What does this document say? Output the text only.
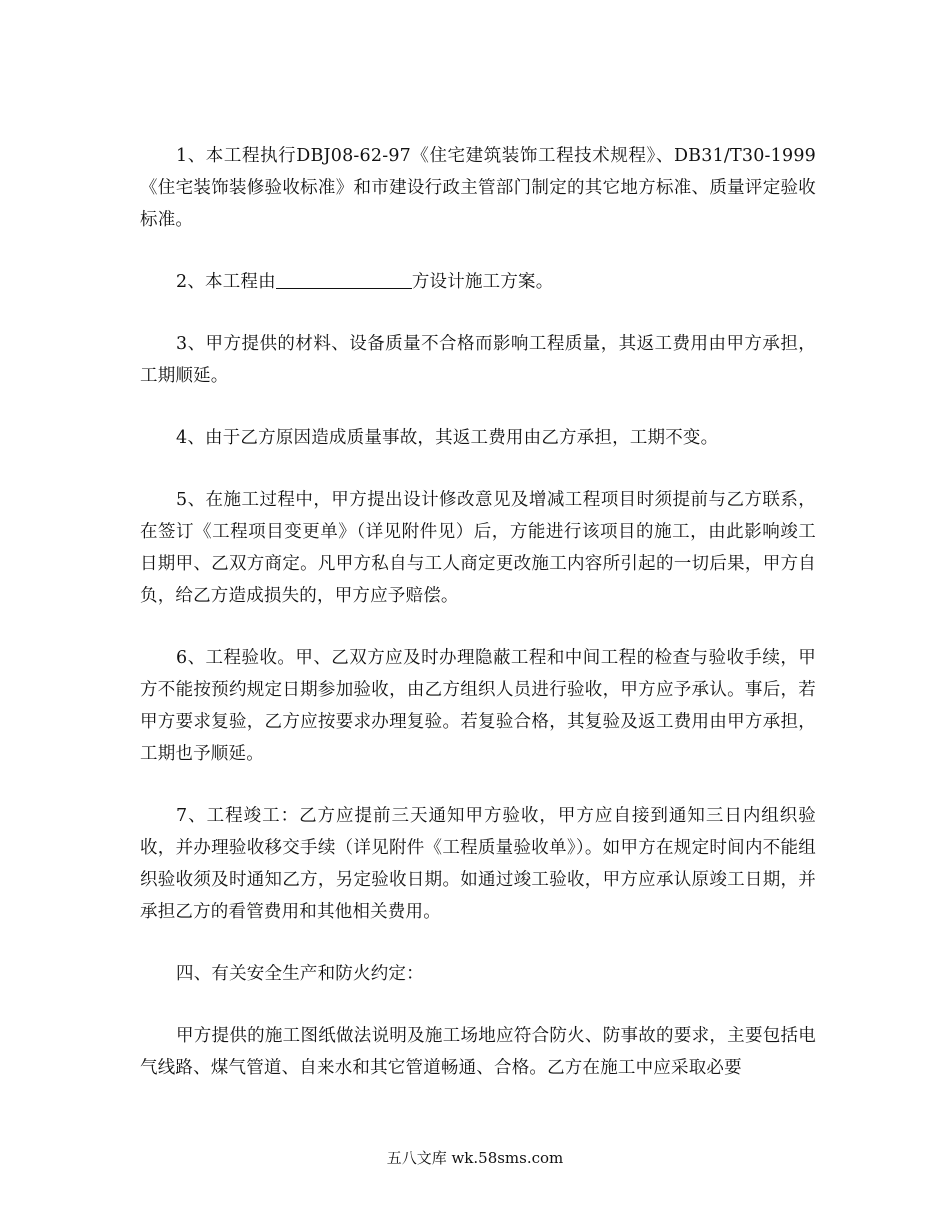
1、本工程执行DBJ08-62-97《住宅建筑装饰工程技术规程》、DB31/T30-1999《住宅装饰装修验收标准》和市建设行政主管部门制定的其它地方标准、质量评定验收标准。

2、本工程由	方设计施工方案。

3、甲方提供的材料、设备质量不合格而影响工程质量，其返工费用由甲方承担，工期顺延。

4、由于乙方原因造成质量事故，其返工费用由乙方承担，工期不变。

5、在施工过程中，甲方提出设计修改意见及增减工程项目时须提前与乙方联系，在签订《工程项目变更单》（详见附件见）后，方能进行该项目的施工，由此影响竣工日期甲、乙双方商定。凡甲方私自与工人商定更改施工内容所引起的一切后果，甲方自负，给乙方造成损失的，甲方应予赔偿。

6、工程验收。甲、乙双方应及时办理隐蔽工程和中间工程的检查与验收手续，甲方不能按预约规定日期参加验收，由乙方组织人员进行验收，甲方应予承认。事后，若甲方要求复验，乙方应按要求办理复验。若复验合格，其复验及返工费用由甲方承担，工期也予顺延。

7、工程竣工：乙方应提前三天通知甲方验收，甲方应自接到通知三日内组织验收，并办理验收移交手续（详见附件《工程质量验收单》）。如甲方在规定时间内不能组织验收须及时通知乙方，另定验收日期。如通过竣工验收，甲方应承认原竣工日期，并承担乙方的看管费用和其他相关费用。

四、有关安全生产和防火约定：

甲方提供的施工图纸做法说明及施工场地应符合防火、防事故的要求，主要包括电气线路、煤气管道、自来水和其它管道畅通、合格。乙方在施工中应采取必要

五八文库 wk.58sms.com
